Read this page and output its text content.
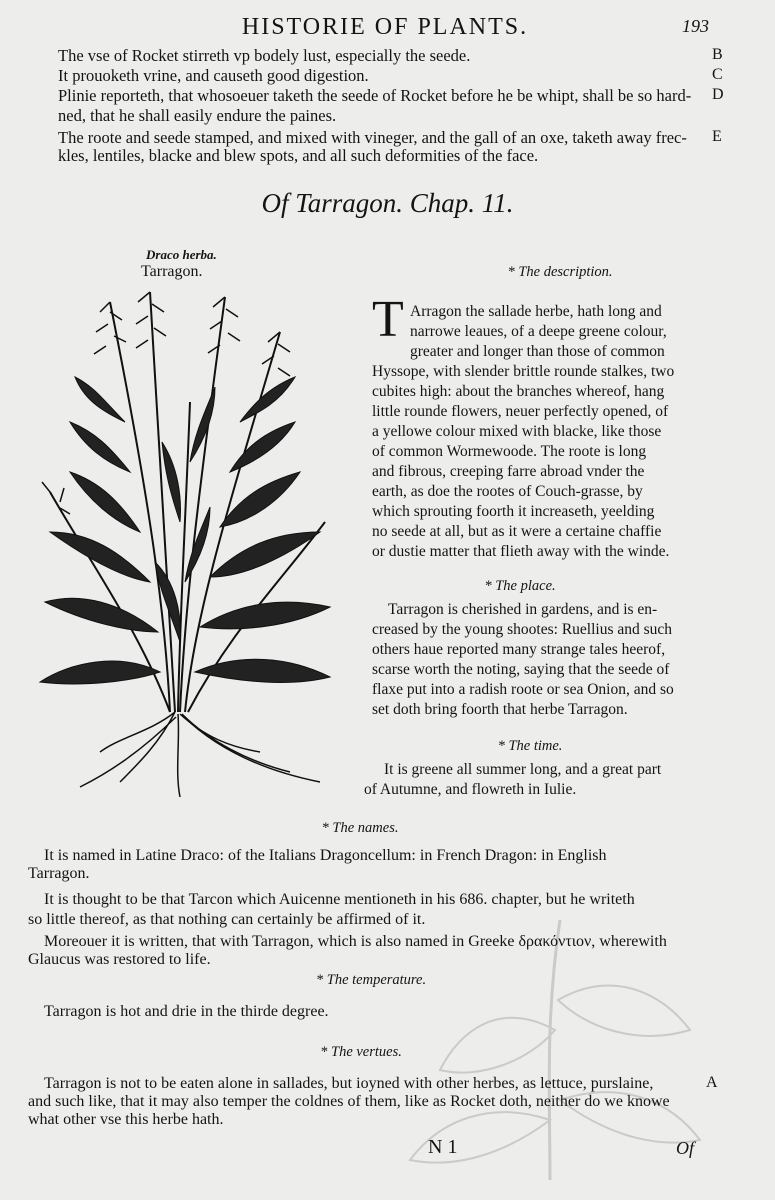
HISTORIE OF PLANTS.	193
The vse of Rocket stirreth vp bodely lust, especially the seede.	B
It prouoketh vrine, and causeth good digestion.	C
Plinie reporteth, that whosoeuer taketh the seede of Rocket before he be whipt, shall be so hard-	D
ned, that he shall easily endure the paines.
The roote and seede stamped, and mixed with vineger, and the gall of an oxe, taketh away frec-	E
kles, lentiles, blacke and blew spots, and all such deformities of the face.
Of Tarragon. Chap. 11.
Draco herba.
Tarragon.	* The description.
T Arragon the sallade herbe, hath long and
narrowe leaues, of a deepe greene colour,
greater and longer than those of common
Hyssope, with slender brittle rounde stalkes, two
cubites high: about the branches whereof, hang
little rounde flowers, neuer perfectly opened, of
a yellowe colour mixed with blacke, like those
of common Wormewoode. The roote is long
and fibrous, creeping farre abroad vnder the
earth, as doe the rootes of Couch-grasse, by
which sprouting foorth it increaseth, yeelding
no seede at all, but as it were a certaine chaffie
or dustie matter that flieth away with the winde.
* The place.
Tarragon is cherished in gardens, and is en-
creased by the young shootes: Ruellius and such
others haue reported many strange tales heerof,
scarse worth the noting, saying that the seede of
flaxe put into a radish roote or sea Onion, and so
set doth bring foorth that herbe Tarragon.
* The time.
It is greene all summer long, and a great part
of Autumne, and flowreth in Iulie.
* The names.
It is named in Latine Draco: of the Italians Dragoncellum: in French Dragon: in English
Tarragon.
It is thought to be that Tarcon which Auicenne mentioneth in his 686. chapter, but he writeth
so little thereof, as that nothing can certainly be affirmed of it.
Moreouer it is written, that with Tarragon, which is also named in Greeke δρακόντιον, wherewith
Glaucus was restored to life.
* The temperature.
Tarragon is hot and drie in the thirde degree.
* The vertues.
Tarragon is not to be eaten alone in sallades, but ioyned with other herbes, as lettuce, purslaine,	A
and such like, that it may also temper the coldnes of them, like as Rocket doth, neither do we knowe
what other vse this herbe hath.
N 1	Of
